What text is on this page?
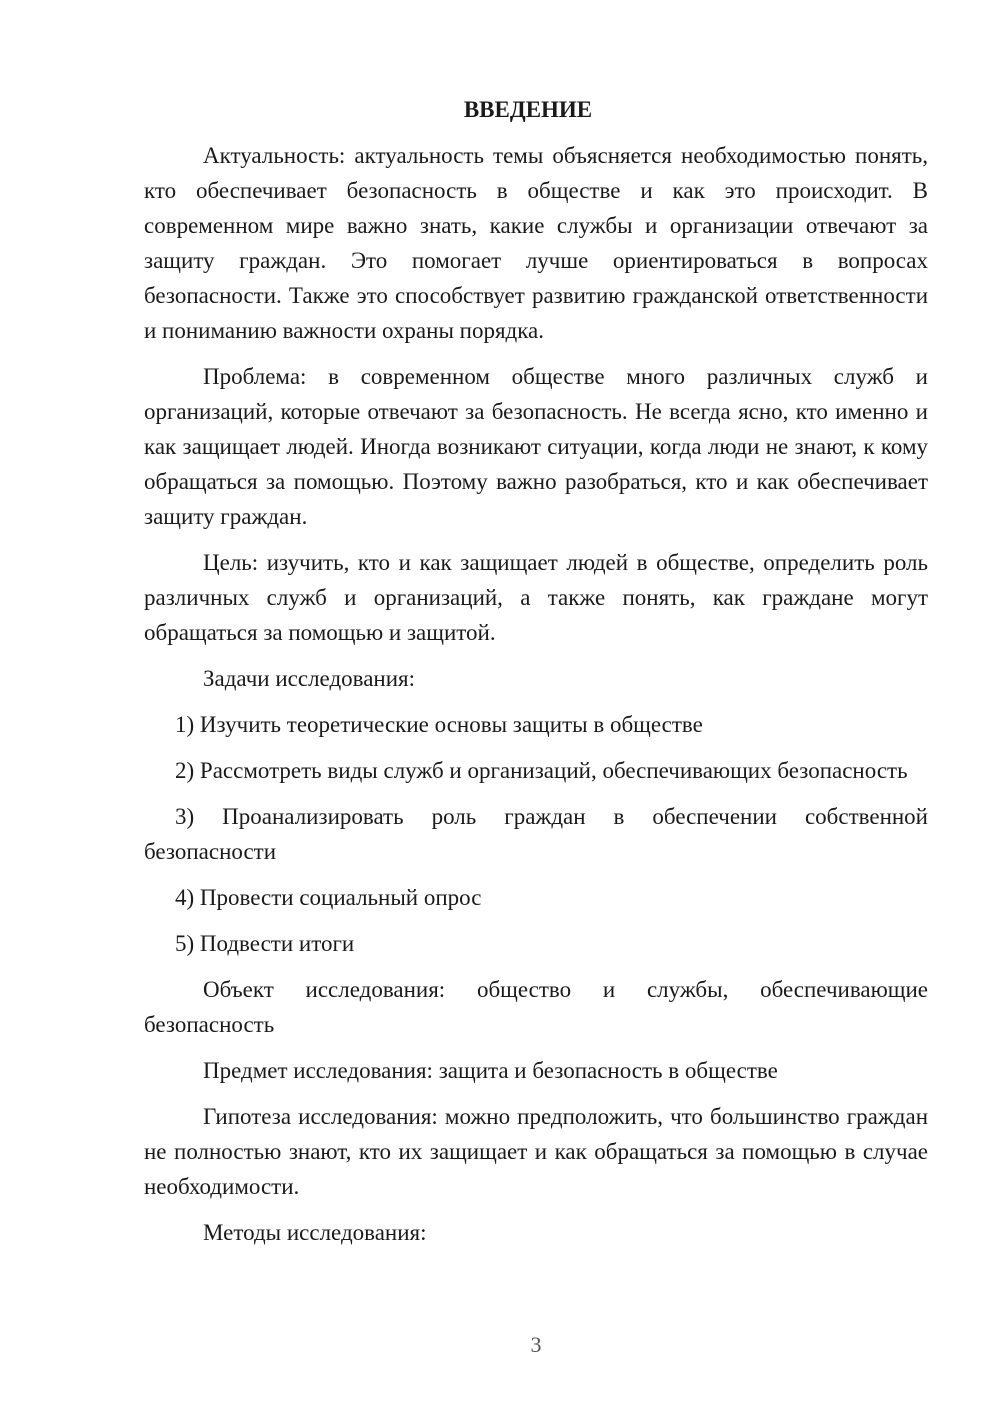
ВВЕДЕНИЕ

Актуальность: актуальность темы объясняется необходимостью понять, кто обеспечивает безопасность в обществе и как это происходит. В современном мире важно знать, какие службы и организации отвечают за защиту граждан. Это помогает лучше ориентироваться в вопросах безопасности. Также это способствует развитию гражданской ответственности и пониманию важности охраны порядка.

Проблема: в современном обществе много различных служб и организаций, которые отвечают за безопасность. Не всегда ясно, кто именно и как защищает людей. Иногда возникают ситуации, когда люди не знают, к кому обращаться за помощью. Поэтому важно разобраться, кто и как обеспечивает защиту граждан.

Цель: изучить, кто и как защищает людей в обществе, определить роль различных служб и организаций, а также понять, как граждане могут обращаться за помощью и защитой.

Задачи исследования:

1) Изучить теоретические основы защиты в обществе

2) Рассмотреть виды служб и организаций, обеспечивающих безопасность

3) Проанализировать роль граждан в обеспечении собственной безопасности

4) Провести социальный опрос

5) Подвести итоги

Объект исследования: общество и службы, обеспечивающие безопасность

Предмет исследования: защита и безопасность в обществе

Гипотеза исследования: можно предположить, что большинство граждан не полностью знают, кто их защищает и как обращаться за помощью в случае необходимости.

Методы исследования:

3
